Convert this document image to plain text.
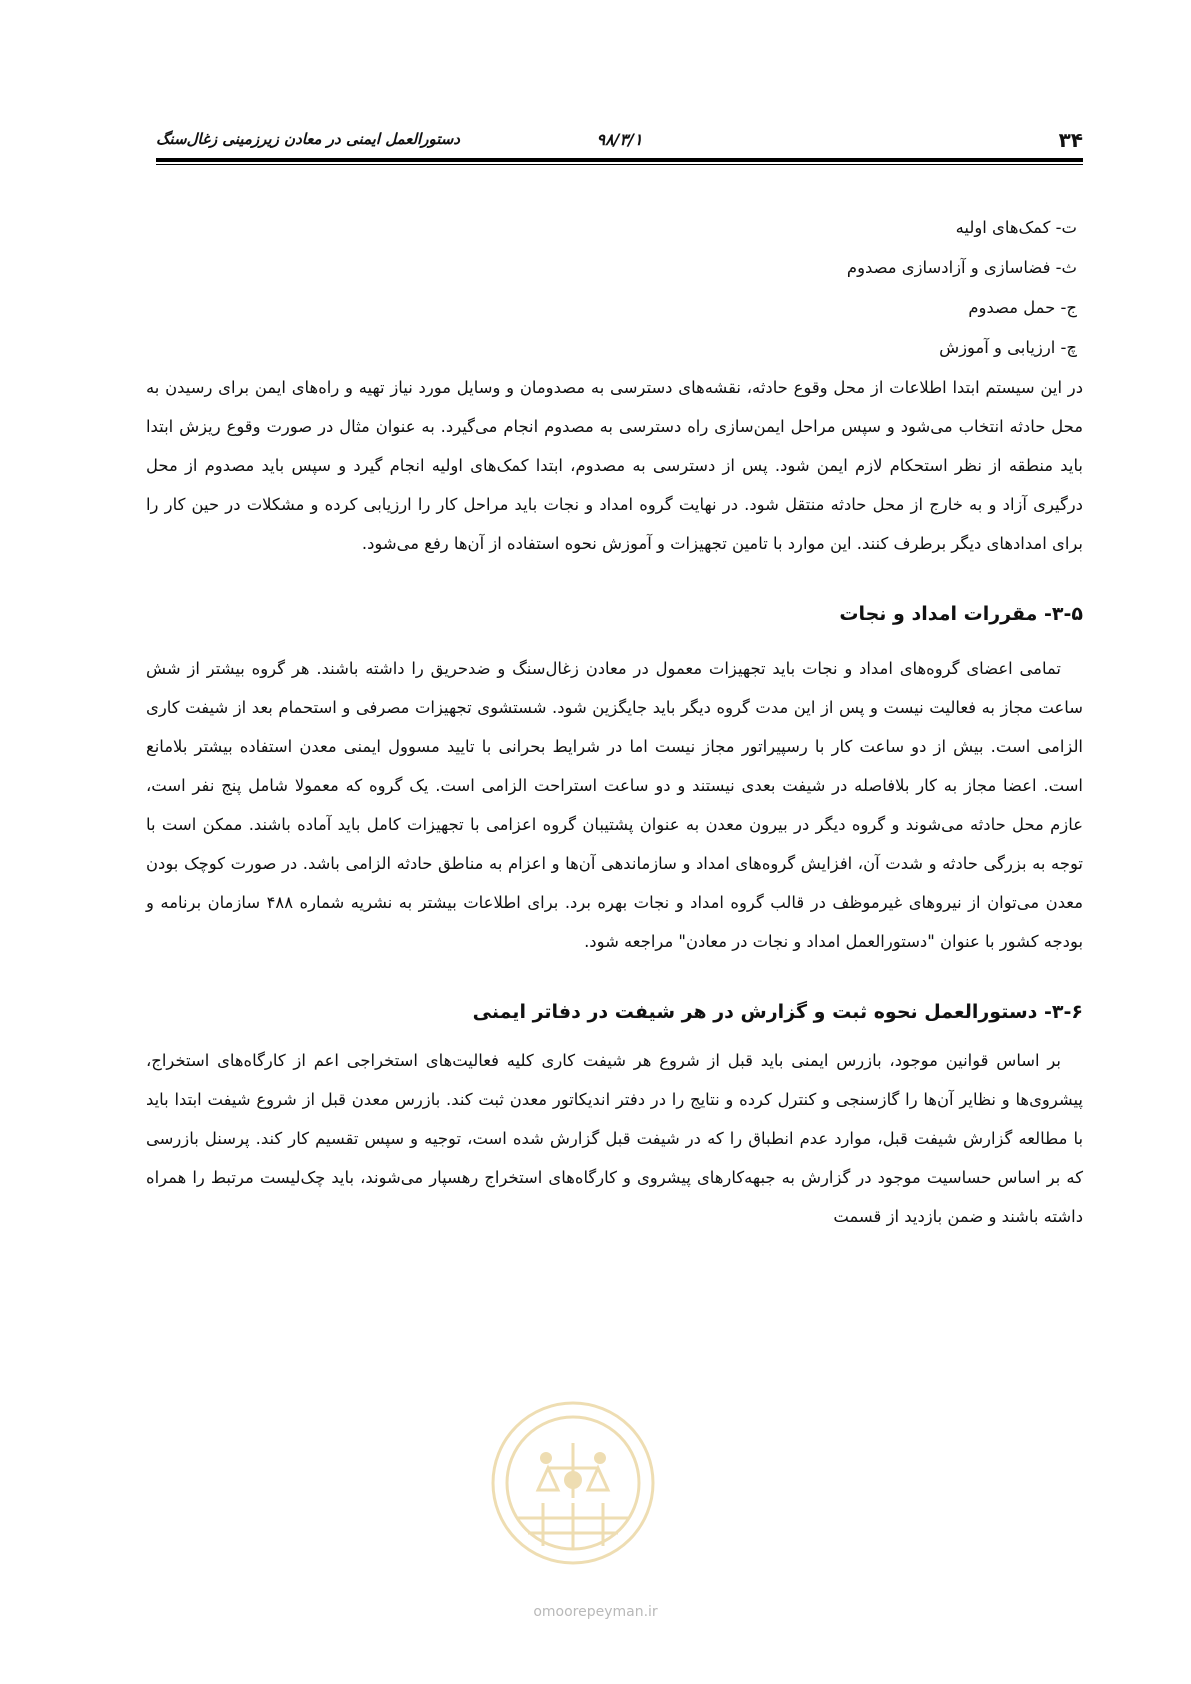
۳۴
۹۸/۳/۱
دستورالعمل ایمنی در معادن زیرزمینی زغال‌سنگ
ت- کمک‌های اولیه
ث- فضاسازی و آزادسازی مصدوم
ج- حمل مصدوم
چ- ارزیابی و آموزش

در این سیستم ابتدا اطلاعات از محل وقوع حادثه، نقشه‌های دسترسی به مصدومان و وسایل مورد نیاز تهیه و راه‌های ایمن برای رسیدن به محل حادثه انتخاب می‌شود و سپس مراحل ایمن‌سازی راه دسترسی به مصدوم انجام می‌گیرد. به عنوان مثال در صورت وقوع ریزش ابتدا باید منطقه از نظر استحکام لازم ایمن شود. پس از دسترسی به مصدوم، ابتدا کمک‌های اولیه انجام گیرد و سپس باید مصدوم از محل درگیری آزاد و به خارج از محل حادثه منتقل شود. در نهایت گروه امداد و نجات باید مراحل کار را ارزیابی کرده و مشکلات در حین کار را برای امدادهای دیگر برطرف کنند. این موارد با تامین تجهیزات و آموزش نحوه استفاده از آن‌ها رفع می‌شود.

۳-۵- مقررات امداد و نجات

تمامی اعضای گروه‌های امداد و نجات باید تجهیزات معمول در معادن زغال‌سنگ و ضدحریق را داشته باشند. هر گروه بیشتر از شش ساعت مجاز به فعالیت نیست و پس از این مدت گروه دیگر باید جایگزین شود. شستشوی تجهیزات مصرفی و استحمام بعد از شیفت کاری الزامی است. بیش از دو ساعت کار با رسپیراتور مجاز نیست اما در شرایط بحرانی با تایید مسوول ایمنی معدن استفاده بیشتر بلامانع است. اعضا مجاز به کار بلافاصله در شیفت بعدی نیستند و دو ساعت استراحت الزامی است. یک گروه که معمولا شامل پنج نفر است، عازم محل حادثه می‌شوند و گروه دیگر در بیرون معدن به عنوان پشتیبان گروه اعزامی با تجهیزات کامل باید آماده باشند. ممکن است با توجه به بزرگی حادثه و شدت آن، افزایش گروه‌های امداد و سازماندهی آن‌ها و اعزام به مناطق حادثه الزامی باشد. در صورت کوچک بودن معدن می‌توان از نیروهای غیرموظف در قالب گروه امداد و نجات بهره برد. برای اطلاعات بیشتر به نشریه شماره ۴۸۸ سازمان برنامه و بودجه کشور با عنوان "دستورالعمل امداد و نجات در معادن" مراجعه شود.

۳-۶- دستورالعمل نحوه ثبت و گزارش در هر شیفت در دفاتر ایمنی

بر اساس قوانین موجود، بازرس ایمنی باید قبل از شروع هر شیفت کاری کلیه فعالیت‌های استخراجی اعم از کارگاه‌های استخراج، پیشروی‌ها و نظایر آن‌ها را گازسنجی و کنترل کرده و نتایج را در دفتر اندیکاتور معدن ثبت کند. بازرس معدن قبل از شروع شیفت ابتدا باید با مطالعه گزارش شیفت قبل، موارد عدم انطباق را که در شیفت قبل گزارش شده است، توجیه و سپس تقسیم کار کند. پرسنل بازرسی که بر اساس حساسیت موجود در گزارش به جبهه‌کارهای پیشروی و کارگاه‌های استخراج رهسپار می‌شوند، باید چک‌لیست مرتبط را همراه داشته باشند و ضمن بازدید از قسمت

omoorepeyman.ir
